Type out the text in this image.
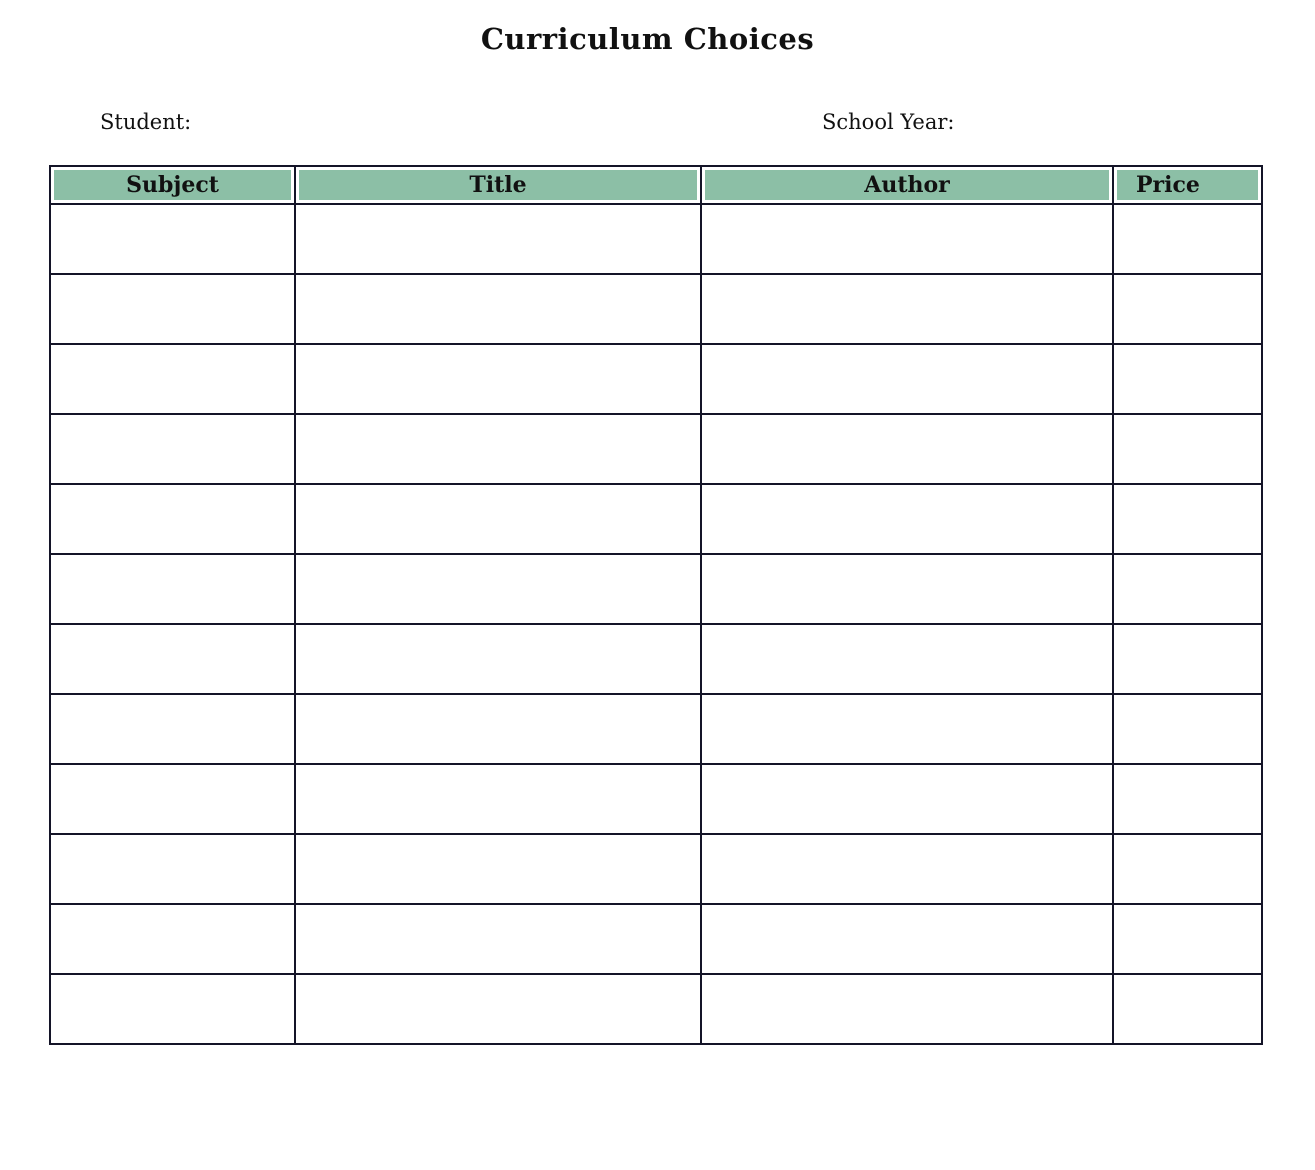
Curriculum Choices
Student:	School Year:
Subject	Title	Author	Price
